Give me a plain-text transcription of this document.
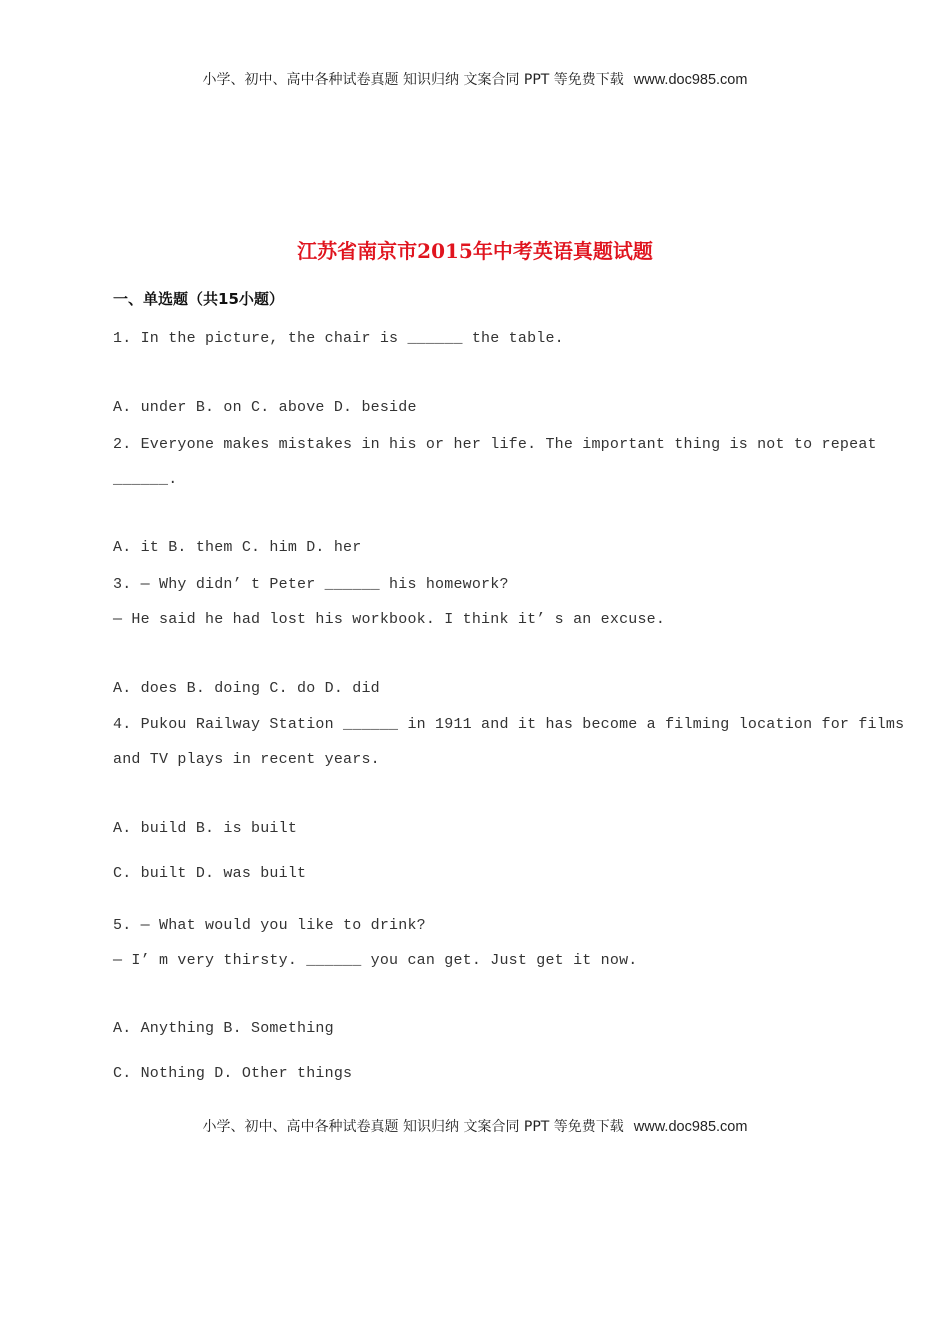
小学、初中、高中各种试卷真题 知识归纳 文案合同 PPT 等免费下载 www.doc985.com
江苏省南京市2015年中考英语真题试题
一、单选题（共15小题）
1. In the picture, the chair is ______ the table.
A. under B. on C. above D. beside
2. Everyone makes mistakes in his or her life. The important thing is not to repeat
______.
A. it B. them C. him D. her
3. — Why didn’ t Peter ______ his homework?
— He said he had lost his workbook. I think it’ s an excuse.
A. does B. doing C. do D. did
4. Pukou Railway Station ______ in 1911 and it has become a filming location for films
and TV plays in recent years.
A. build B. is built
C. built D. was built
5. — What would you like to drink?
— I’ m very thirsty. ______ you can get. Just get it now.
A. Anything B. Something
C. Nothing D. Other things
小学、初中、高中各种试卷真题 知识归纳 文案合同 PPT 等免费下载 www.doc985.com
